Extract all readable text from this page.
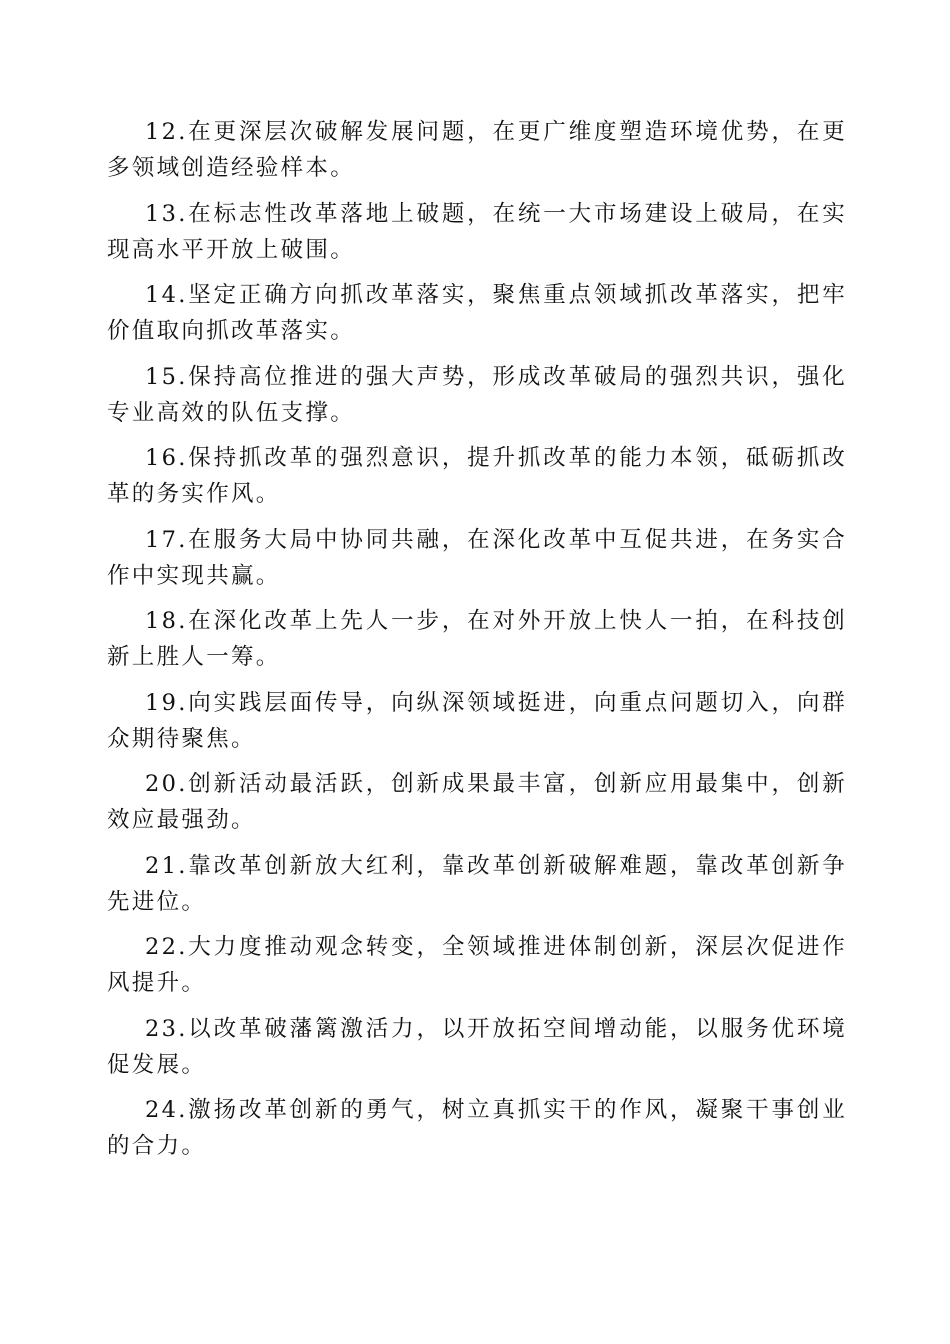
12.在更深层次破解发展问题，在更广维度塑造环境优势，在更多领域创造经验样本。

13.在标志性改革落地上破题，在统一大市场建设上破局，在实现高水平开放上破围。

14.坚定正确方向抓改革落实，聚焦重点领域抓改革落实，把牢价值取向抓改革落实。

15.保持高位推进的强大声势，形成改革破局的强烈共识，强化专业高效的队伍支撑。

16.保持抓改革的强烈意识，提升抓改革的能力本领，砥砺抓改革的务实作风。

17.在服务大局中协同共融，在深化改革中互促共进，在务实合作中实现共赢。

18.在深化改革上先人一步，在对外开放上快人一拍，在科技创新上胜人一筹。

19.向实践层面传导，向纵深领域挺进，向重点问题切入，向群众期待聚焦。

20.创新活动最活跃，创新成果最丰富，创新应用最集中，创新效应最强劲。

21.靠改革创新放大红利，靠改革创新破解难题，靠改革创新争先进位。

22.大力度推动观念转变，全领域推进体制创新，深层次促进作风提升。

23.以改革破藩篱激活力，以开放拓空间增动能，以服务优环境促发展。

24.激扬改革创新的勇气，树立真抓实干的作风，凝聚干事创业的合力。
